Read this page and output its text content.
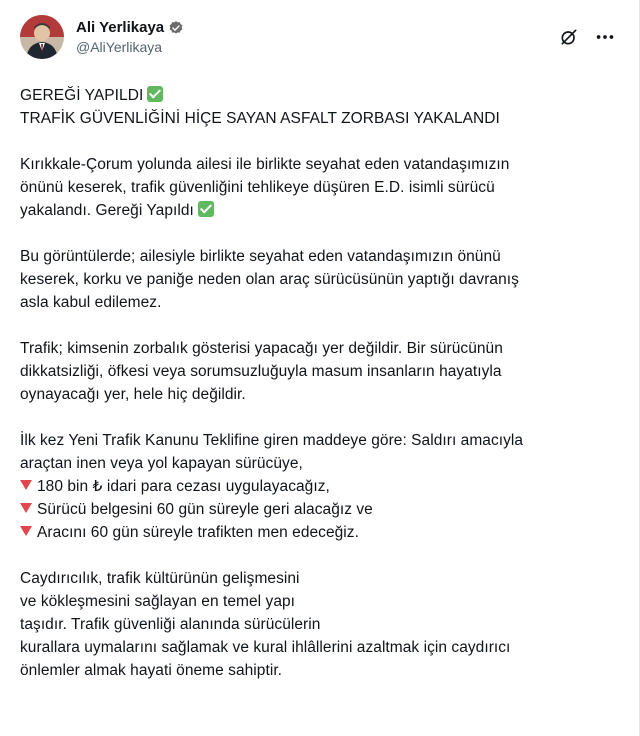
Ali Yerlikaya
@AliYerlikaya
GEREĞİ YAPILDI
TRAFİK GÜVENLİĞİNİ HİÇE SAYAN ASFALT ZORBASI YAKALANDI
Kırıkkale-Çorum yolunda ailesi ile birlikte seyahat eden vatandaşımızın
önünü keserek, trafik güvenliğini tehlikeye düşüren E.D. isimli sürücü
yakalandı. Gereği Yapıldı
Bu görüntülerde; ailesiyle birlikte seyahat eden vatandaşımızın önünü
keserek, korku ve paniğe neden olan araç sürücüsünün yaptığı davranış
asla kabul edilemez.
Trafik; kimsenin zorbalık gösterisi yapacağı yer değildir. Bir sürücünün
dikkatsizliği, öfkesi veya sorumsuzluğuyla masum insanların hayatıyla
oynayacağı yer, hele hiç değildir.
İlk kez Yeni Trafik Kanunu Teklifine giren maddeye göre: Saldırı amacıyla
araçtan inen veya yol kapayan sürücüye,
180 bin ₺ idari para cezası uygulayacağız,
Sürücü belgesini 60 gün süreyle geri alacağız ve
Aracını 60 gün süreyle trafikten men edeceğiz.
Caydırıcılık, trafik kültürünün gelişmesini
ve kökleşmesini sağlayan en temel yapı
taşıdır. Trafik güvenliği alanında sürücülerin
kurallara uymalarını sağlamak ve kural ihlâllerini azaltmak için caydırıcı
önlemler almak hayati öneme sahiptir.
